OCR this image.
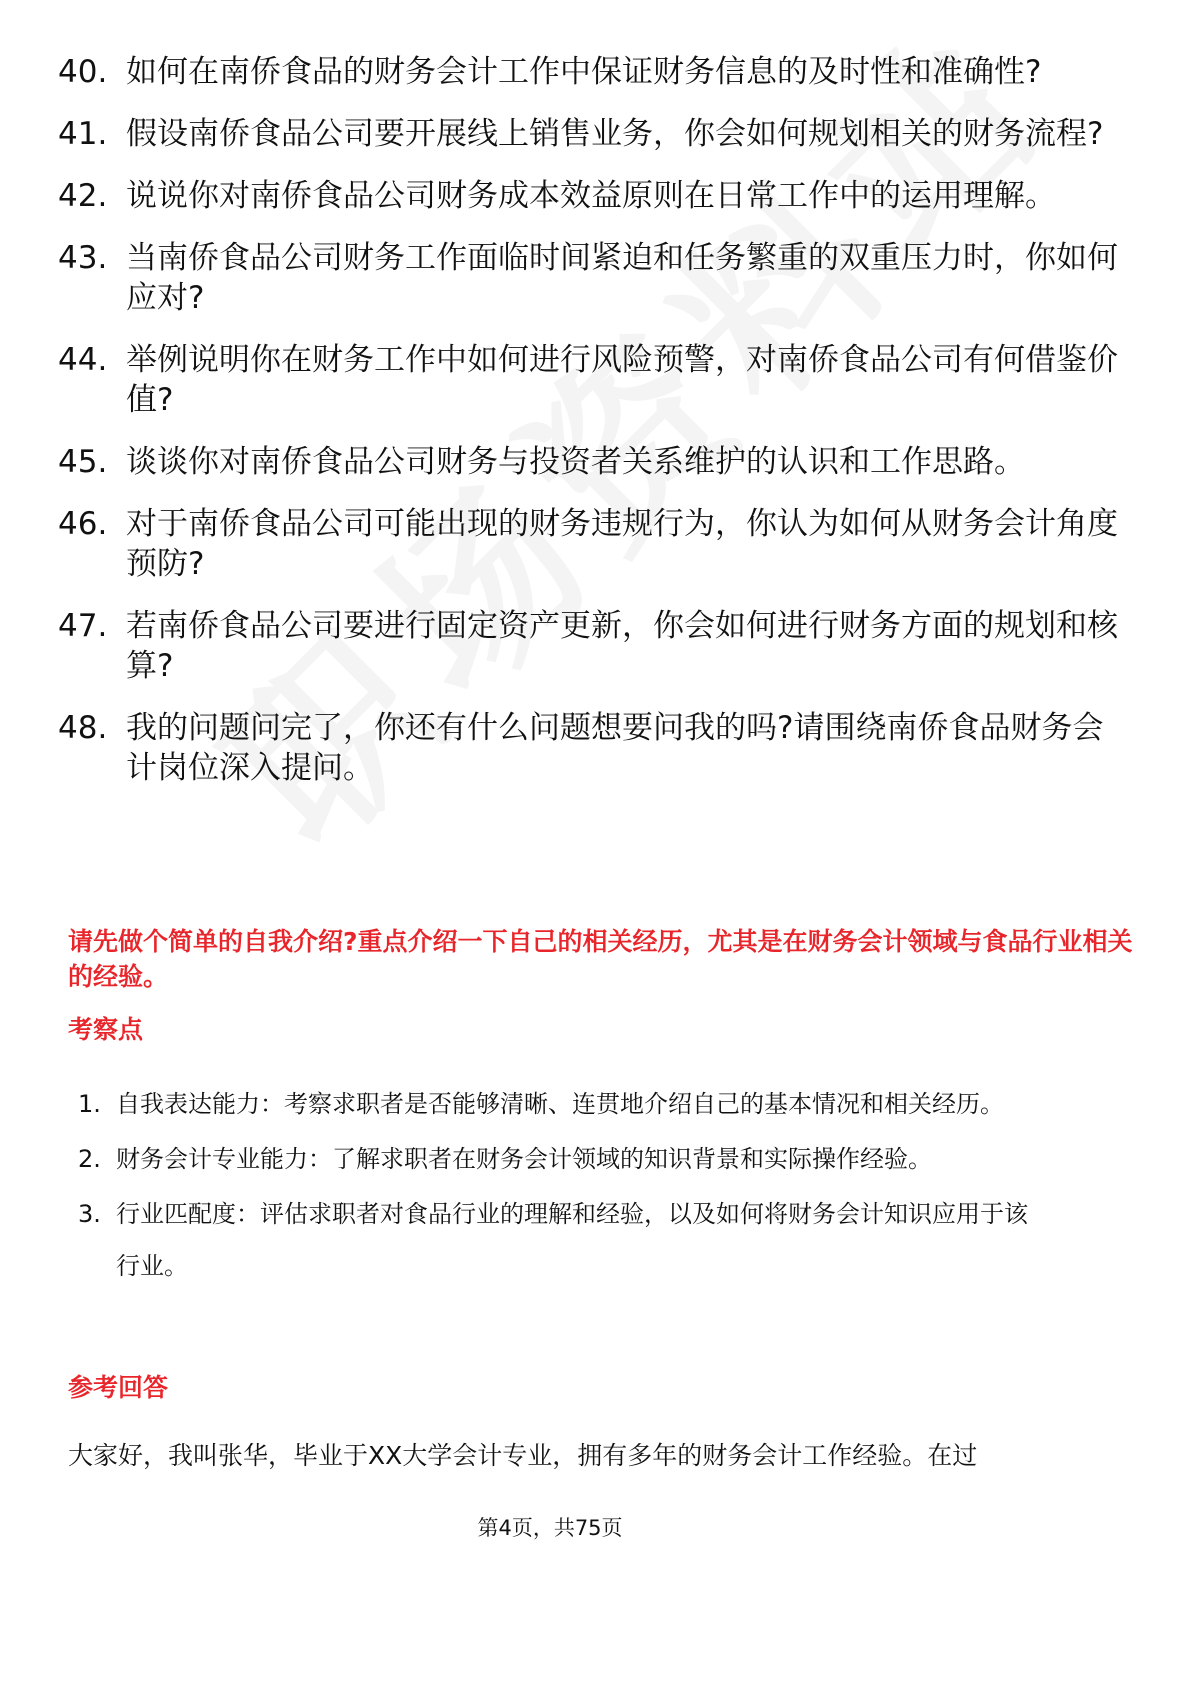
40. 如何在南侨食品的财务会计工作中保证财务信息的及时性和准确性?
41. 假设南侨食品公司要开展线上销售业务，你会如何规划相关的财务流程?
42. 说说你对南侨食品公司财务成本效益原则在日常工作中的运用理解。
43. 当南侨食品公司财务工作面临时间紧迫和任务繁重的双重压力时，你如何应对?
44. 举例说明你在财务工作中如何进行风险预警，对南侨食品公司有何借鉴价值?
45. 谈谈你对南侨食品公司财务与投资者关系维护的认识和工作思路。
46. 对于南侨食品公司可能出现的财务违规行为，你认为如何从财务会计角度预防?
47. 若南侨食品公司要进行固定资产更新，你会如何进行财务方面的规划和核算?
48. 我的问题问完了，你还有什么问题想要问我的吗?请围绕南侨食品财务会计岗位深入提问。
请先做个简单的自我介绍?重点介绍一下自己的相关经历，尤其是在财务会计领域与食品行业相关的经验。
考察点
1. 自我表达能力：考察求职者是否能够清晰、连贯地介绍自己的基本情况和相关经历。
2. 财务会计专业能力：了解求职者在财务会计领域的知识背景和实际操作经验。
3. 行业匹配度：评估求职者对食品行业的理解和经验，以及如何将财务会计知识应用于该行业。
参考回答
大家好，我叫张华，毕业于XX大学会计专业，拥有多年的财务会计工作经验。在过
第4页，共75页
